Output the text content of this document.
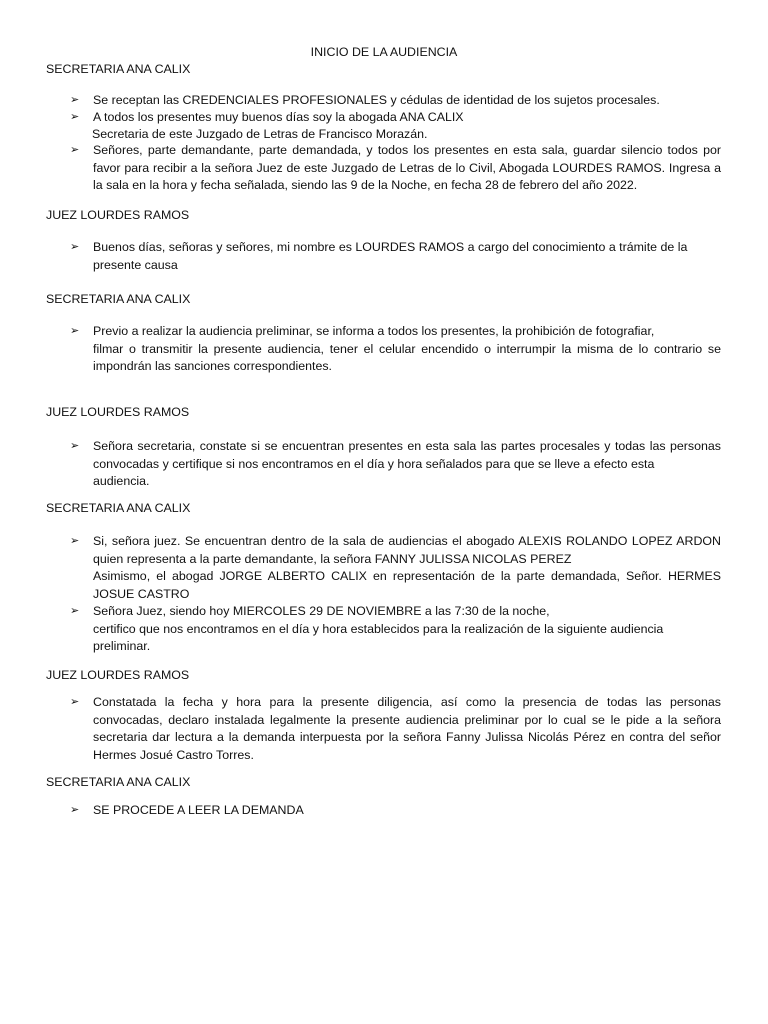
INICIO DE LA AUDIENCIA
SECRETARIA ANA CALIX
➢	Se receptan las CREDENCIALES PROFESIONALES y cédulas de identidad de los sujetos procesales.
➢	A todos los presentes muy buenos días soy la abogada ANA CALIX
Secretaria de este Juzgado de Letras de Francisco Morazán.
➢	Señores, parte demandante, parte demandada, y todos los presentes en esta sala, guardar silencio todos por
favor para recibir a la señora Juez de este Juzgado de Letras de lo Civil, Abogada LOURDES RAMOS. Ingresa a
la sala en la hora y fecha señalada, siendo las 9 de la Noche, en fecha 28 de febrero del año 2022.
JUEZ LOURDES RAMOS
➢	Buenos días, señoras y señores, mi nombre es LOURDES RAMOS a cargo del conocimiento a trámite de la
presente causa
SECRETARIA ANA CALIX
➢	Previo a realizar la audiencia preliminar, se informa a todos los presentes, la prohibición de fotografiar,
filmar o transmitir la presente audiencia, tener el celular encendido o interrumpir la misma de lo contrario se
impondrán las sanciones correspondientes.
JUEZ LOURDES RAMOS
➢	Señora secretaria, constate si se encuentran presentes en esta sala las partes procesales y todas las personas
convocadas y certifique si nos encontramos en el día y hora señalados para que se lleve a efecto esta
audiencia.
SECRETARIA ANA CALIX
➢	Si, señora juez. Se encuentran dentro de la sala de audiencias el abogado ALEXIS ROLANDO LOPEZ ARDON
quien representa a la parte demandante, la señora FANNY JULISSA NICOLAS PEREZ
Asimismo, el abogad JORGE ALBERTO CALIX en representación de la parte demandada, Señor. HERMES
JOSUE CASTRO
➢	Señora Juez, siendo hoy MIERCOLES 29 DE NOVIEMBRE a las 7:30 de la noche,
certifico que nos encontramos en el día y hora establecidos para la realización de la siguiente audiencia
preliminar.
JUEZ LOURDES RAMOS
➢	Constatada la fecha y hora para la presente diligencia, así como la presencia de todas las personas
convocadas, declaro instalada legalmente la presente audiencia preliminar por lo cual se le pide a la señora
secretaria dar lectura a la demanda interpuesta por la señora Fanny Julissa Nicolás Pérez en contra del señor
Hermes Josué Castro Torres.
SECRETARIA ANA CALIX
➢	SE PROCEDE A LEER LA DEMANDA
